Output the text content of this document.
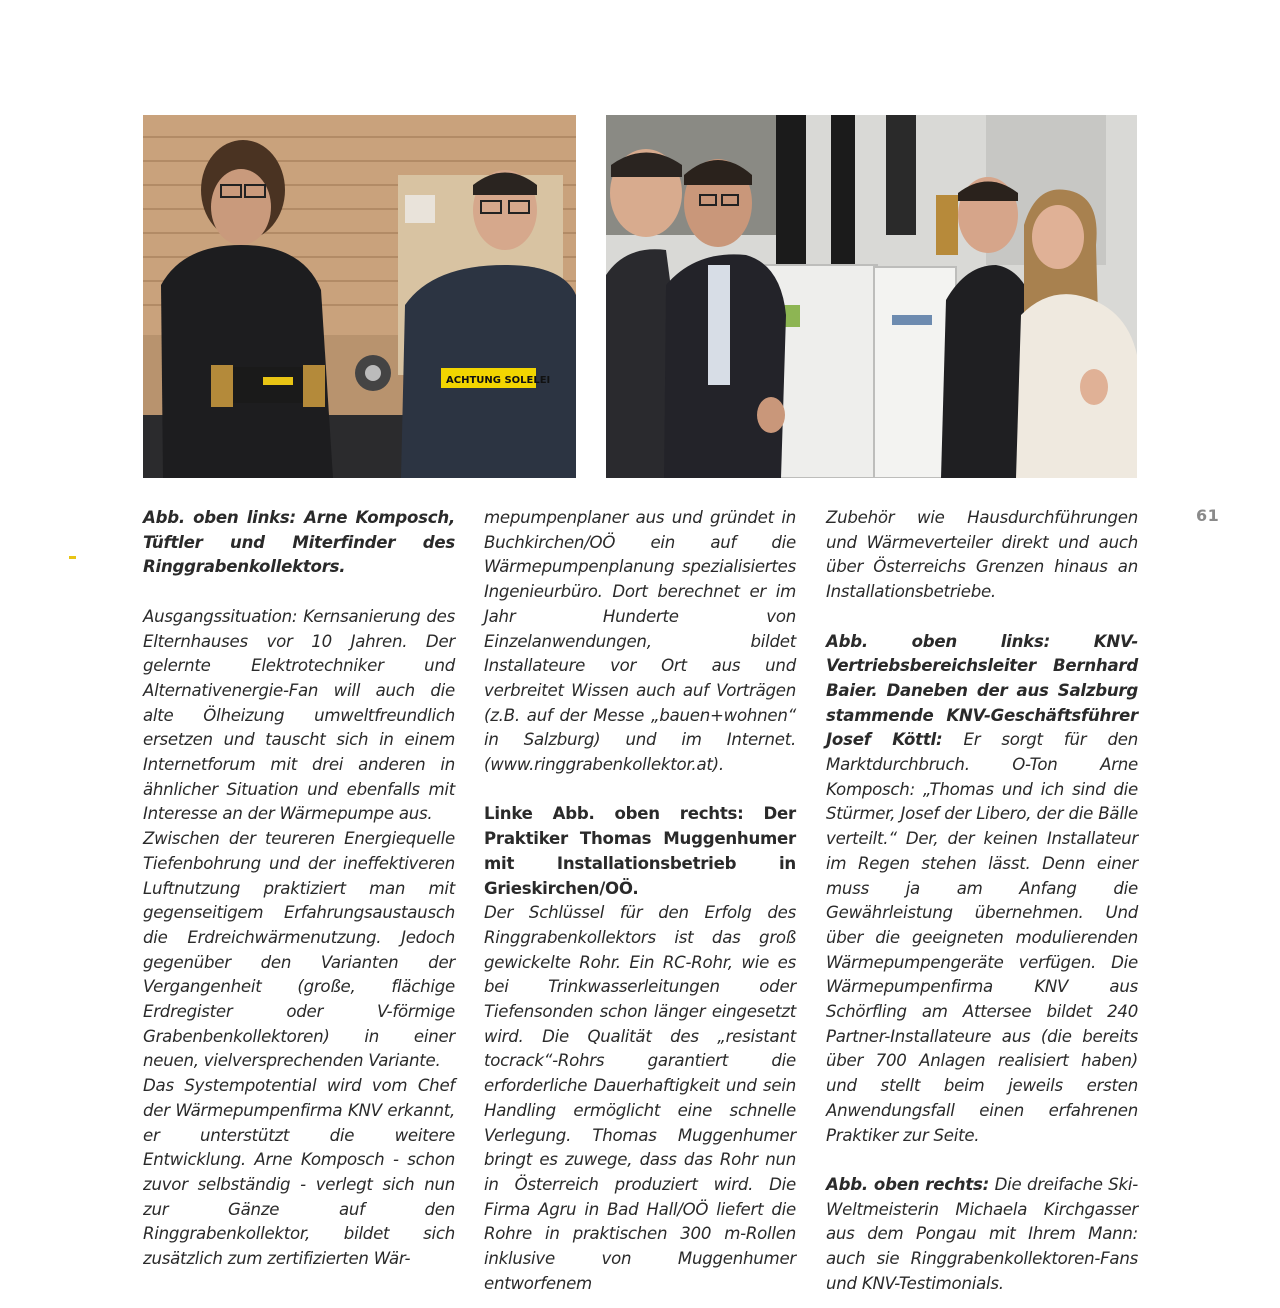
ACHTUNG SOLELEI
61

Abb. oben links: Arne Komposch, Tüftler und Miterfinder des Ringgrabenkollektors.

Ausgangssituation: Kernsanierung des Elternhauses vor 10 Jahren. Der gelernte Elektrotechniker und Alternativenergie-Fan will auch die alte Ölheizung umweltfreundlich ersetzen und tauscht sich in einem Internetforum mit drei anderen in ähnlicher Situation und ebenfalls mit Interesse an der Wärmepumpe aus.

Zwischen der teureren Energiequelle Tiefenbohrung und der ineffektiveren Luftnutzung praktiziert man mit gegenseitigem Erfahrungsaustausch die Erdreichwärmenutzung. Jedoch gegenüber den Varianten der Vergangenheit (große, flächige Erdregister oder V-förmige Grabenbenkollektoren) in einer neuen, vielversprechenden Variante.

Das Systempotential wird vom Chef der Wärmepumpenfirma KNV erkannt, er unterstützt die weitere Entwicklung. Arne Komposch - schon zuvor selbständig - verlegt sich nun zur Gänze auf den Ringgrabenkollektor, bildet sich zusätzlich zum zertifizierten Wär-

mepumpenplaner aus und gründet in Buchkirchen/OÖ ein auf die Wärmepumpenplanung spezialisiertes Ingenieurbüro. Dort berechnet er im Jahr Hunderte von Einzelanwendungen, bildet Installateure vor Ort aus und verbreitet Wissen auch auf Vorträgen (z.B. auf der Messe „bauen+wohnen“ in Salzburg) und im Internet. (www.ringgrabenkollektor.at).

Linke Abb. oben rechts: Der Praktiker Thomas Muggenhumer mit Installationsbetrieb in Grieskirchen/OÖ.

Der Schlüssel für den Erfolg des Ringgrabenkollektors ist das groß gewickelte Rohr. Ein RC-Rohr, wie es bei Trinkwasserleitungen oder Tiefensonden schon länger eingesetzt wird. Die Qualität des „resistant tocrack“-Rohrs garantiert die erforderliche Dauerhaftigkeit und sein Handling ermöglicht eine schnelle Verlegung. Thomas Muggenhumer bringt es zuwege, dass das Rohr nun in Österreich produziert wird. Die Firma Agru in Bad Hall/OÖ liefert die Rohre in praktischen 300 m-Rollen inklusive von Muggenhumer entworfenem

Zubehör wie Hausdurchführungen und Wärmeverteiler direkt und auch über Österreichs Grenzen hinaus an Installationsbetriebe.

Abb. oben links: KNV-Vertriebsbereichsleiter Bernhard Baier. Daneben der aus Salzburg stammende KNV-Geschäftsführer Josef Köttl: Er sorgt für den Marktdurchbruch. O-Ton Arne Komposch: „Thomas und ich sind die Stürmer, Josef der Libero, der die Bälle verteilt.“ Der, der keinen Installateur im Regen stehen lässt. Denn einer muss ja am Anfang die Gewährleistung übernehmen. Und über die geeigneten modulierenden Wärmepumpengeräte verfügen. Die Wärmepumpenfirma KNV aus Schörfling am Attersee bildet 240 Partner-Installateure aus (die bereits über 700 Anlagen realisiert haben) und stellt beim jeweils ersten Anwendungsfall einen erfahrenen Praktiker zur Seite.

Abb. oben rechts: Die dreifache Ski-Weltmeisterin Michaela Kirchgasser aus dem Pongau mit Ihrem Mann: auch sie Ringgrabenkollektoren-Fans und KNV-Testimonials.
